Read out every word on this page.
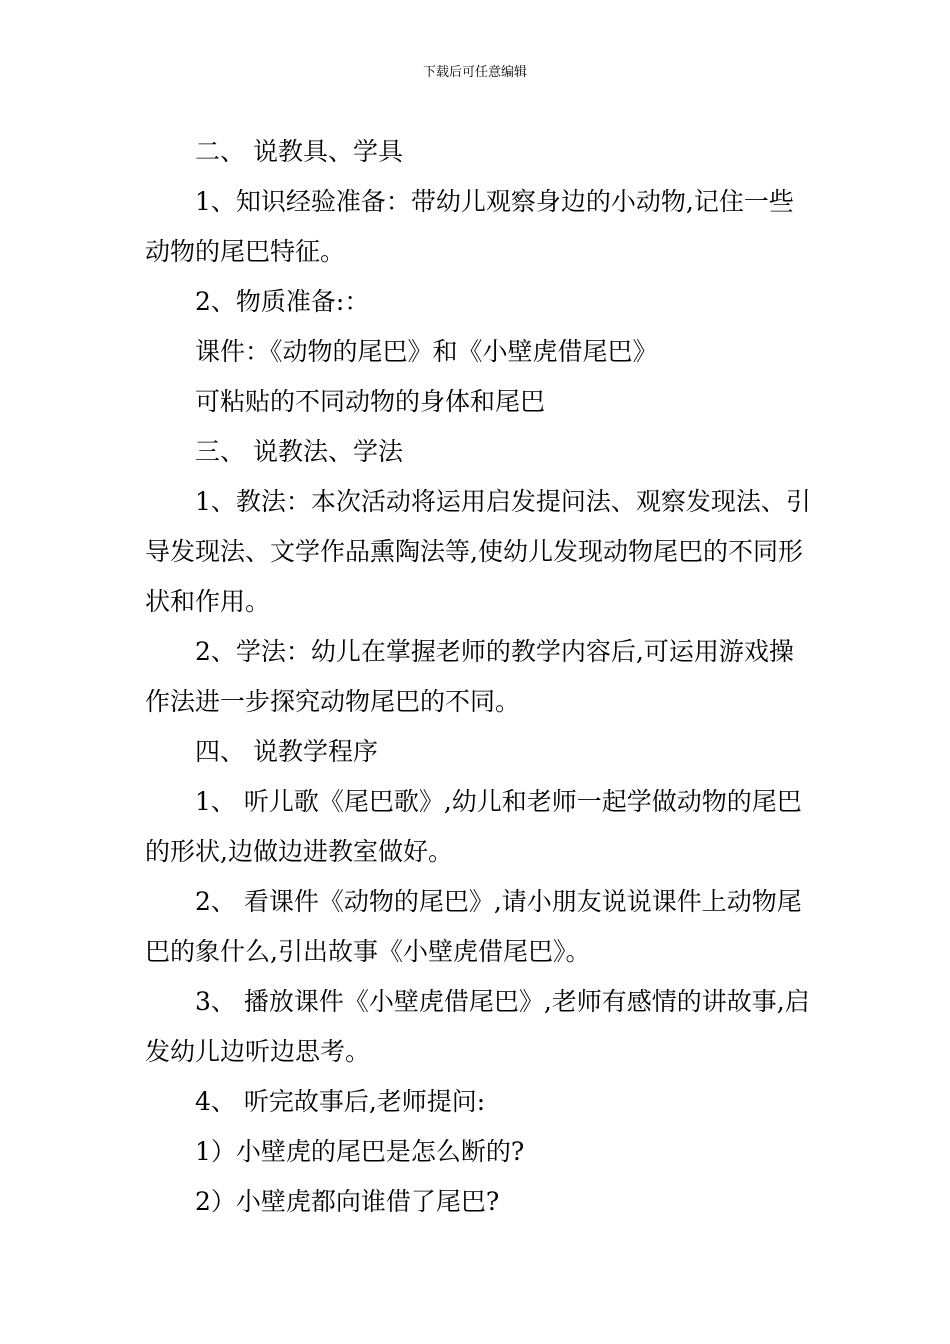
下载后可任意编辑

二、 说教具、学具

1、知识经验准备：带幼儿观察身边的小动物,记住一些动物的尾巴特征。

2、物质准备:：

课件：《动物的尾巴》和《小壁虎借尾巴》

可粘贴的不同动物的身体和尾巴

三、 说教法、学法

1、教法：本次活动将运用启发提问法、观察发现法、引导发现法、文学作品熏陶法等,使幼儿发现动物尾巴的不同形状和作用。

2、学法：幼儿在掌握老师的教学内容后,可运用游戏操作法进一步探究动物尾巴的不同。

四、 说教学程序

1、 听儿歌《尾巴歌》,幼儿和老师一起学做动物的尾巴的形状,边做边进教室做好。

2、 看课件《动物的尾巴》,请小朋友说说课件上动物尾巴的象什么,引出故事《小壁虎借尾巴》。

3、 播放课件《小壁虎借尾巴》,老师有感情的讲故事,启发幼儿边听边思考。

4、 听完故事后,老师提问:

1）小壁虎的尾巴是怎么断的?

2）小壁虎都向谁借了尾巴?
